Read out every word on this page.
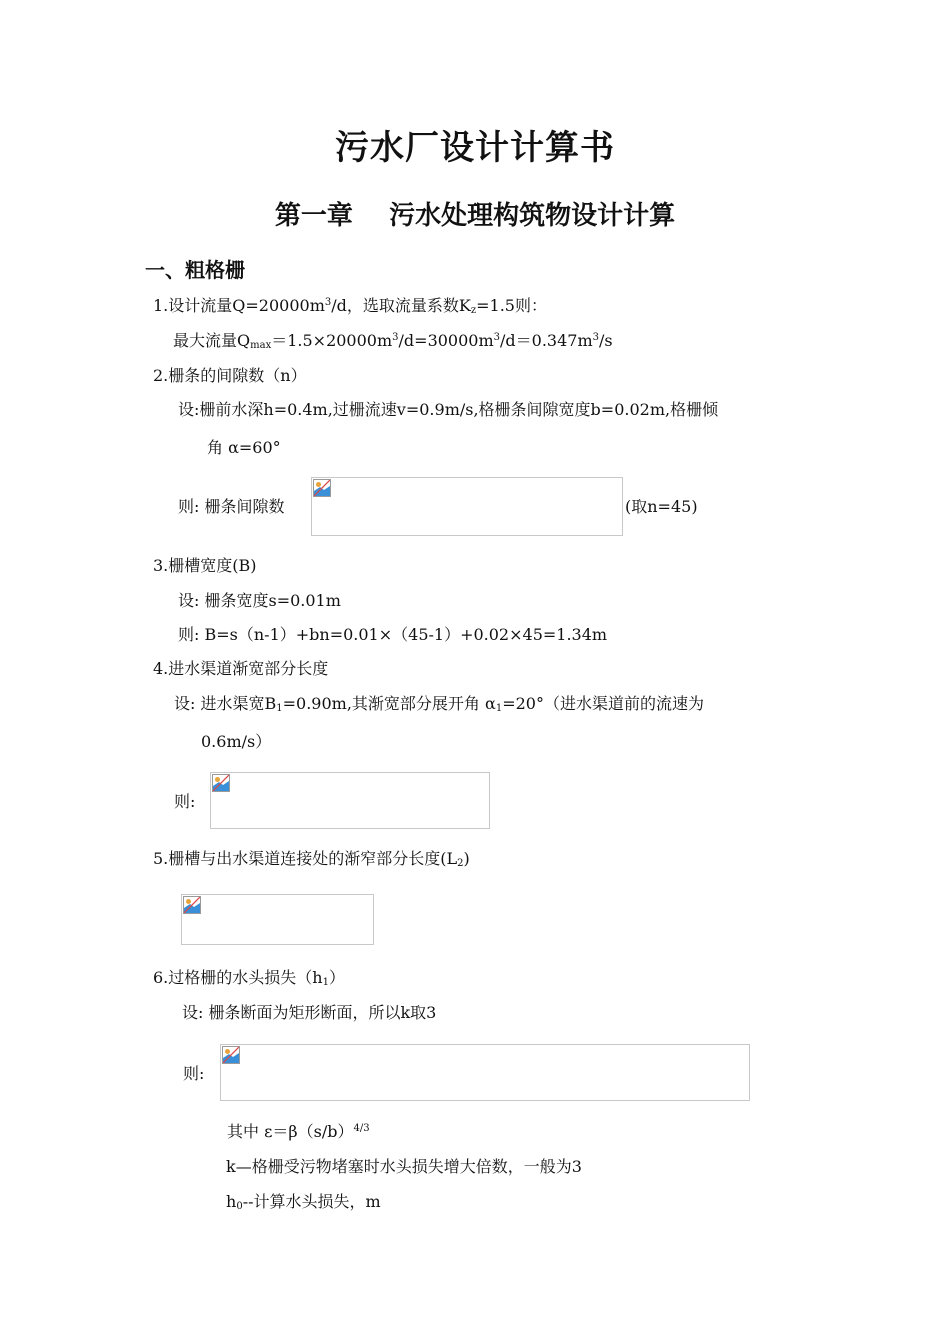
污水厂设计计算书
第一章    污水处理构筑物设计计算
一、粗格栅
1.设计流量$Q=20000m^3/d$，选取流量系数$K_z=1.5$则：
最大流量$Q_{max}=1.5\times 20000m^3/d=30000m^3/d=0.347m^3/s$
2.栅条的间隙数（n）
设:栅前水深h=0.4m,过栅流速v=0.9m/s,格栅条间隙宽度b=0.02m,格栅倾
角 α=60°
则: 栅条间隙数	(取n=45)
3.栅槽宽度(B)
设: 栅条宽度s=0.01m
则: B=s（n-1）+bn=0.01×（45-1）+0.02×45=1.34m
4.进水渠道渐宽部分长度
设: 进水渠宽$B_1=0.90m$,其渐宽部分展开角 $\alpha_1=20^\circ$（进水渠道前的流速为
0.6m/s）
则:
5.栅槽与出水渠道连接处的渐窄部分长度$(L_2)$
6.过格栅的水头损失$(h_1)$
设: 栅条断面为矩形断面，所以k取3
则:
其中 $\varepsilon=\beta(s/b)^{4/3}$
k—格栅受污物堵塞时水头损失增大倍数，一般为3
$h_0--$计算水头损失，m
